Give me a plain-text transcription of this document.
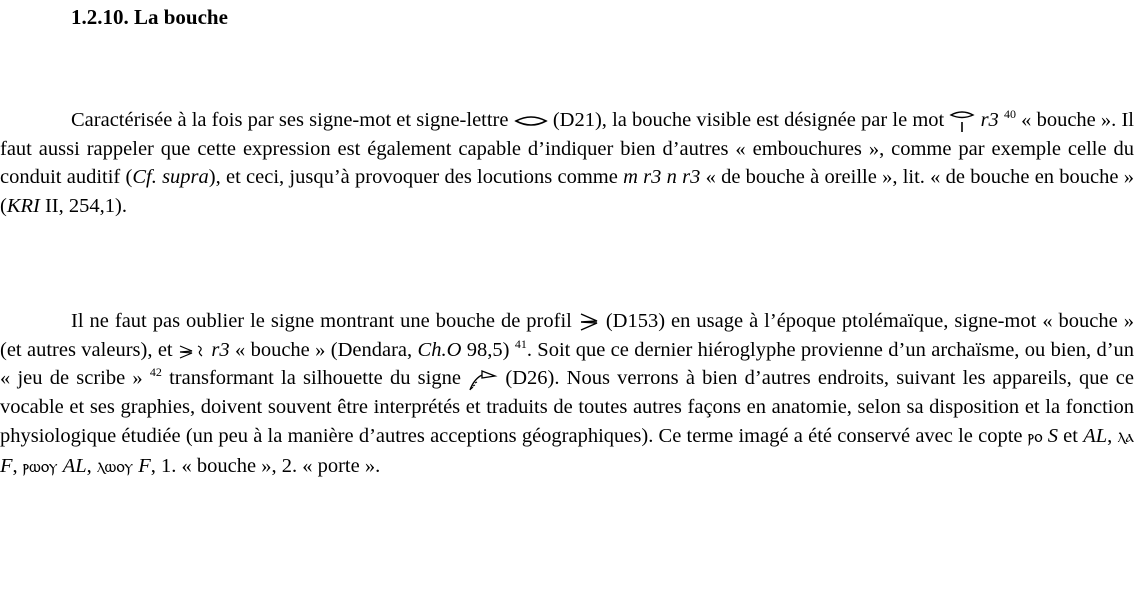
1.2.10. La bouche

Caractérisée à la fois par ses signe-mot et signe-lettre
(D21), la bouche visible est désignée par le mot
r3 $^{40}$ « bouche ». Il faut aussi rappeler que cette expression est également capable d’indiquer bien d’autres « embouchures », comme par exemple celle du conduit auditif (Cf. supra), et ceci, jusqu’à provoquer des locutions comme m r3 n r3 « de bouche à oreille », lit. « de bouche en bouche » (KRI II, 254,1).

Il ne faut pas oublier le signe montrant une bouche de profil
(D153) en usage à l’époque ptolémaïque, signe-mot « bouche » (et autres valeurs), et
r3 « bouche » (Dendara, Ch.O 98,5) $^{41}$. Soit que ce dernier hiéroglyphe provienne d’un archaïsme, ou bien, d’un « jeu de scribe » $^{42}$ transformant la silhouette du signe
(D26). Nous verrons à bien d’autres endroits, suivant les appareils, que ce vocable et ses graphies, doivent souvent être interprétés et traduits de toutes autres façons en anatomie, selon sa disposition et la fonction physiologique étudiée (un peu à la manière d’autres acceptions géographiques). Ce terme imagé a été conservé avec le copte ⲣⲟ S et AL, ⲗⲁ F, ⲣⲱⲟⲩ AL, ⲗⲱⲟⲩ F, 1. « bouche », 2. « porte ».
